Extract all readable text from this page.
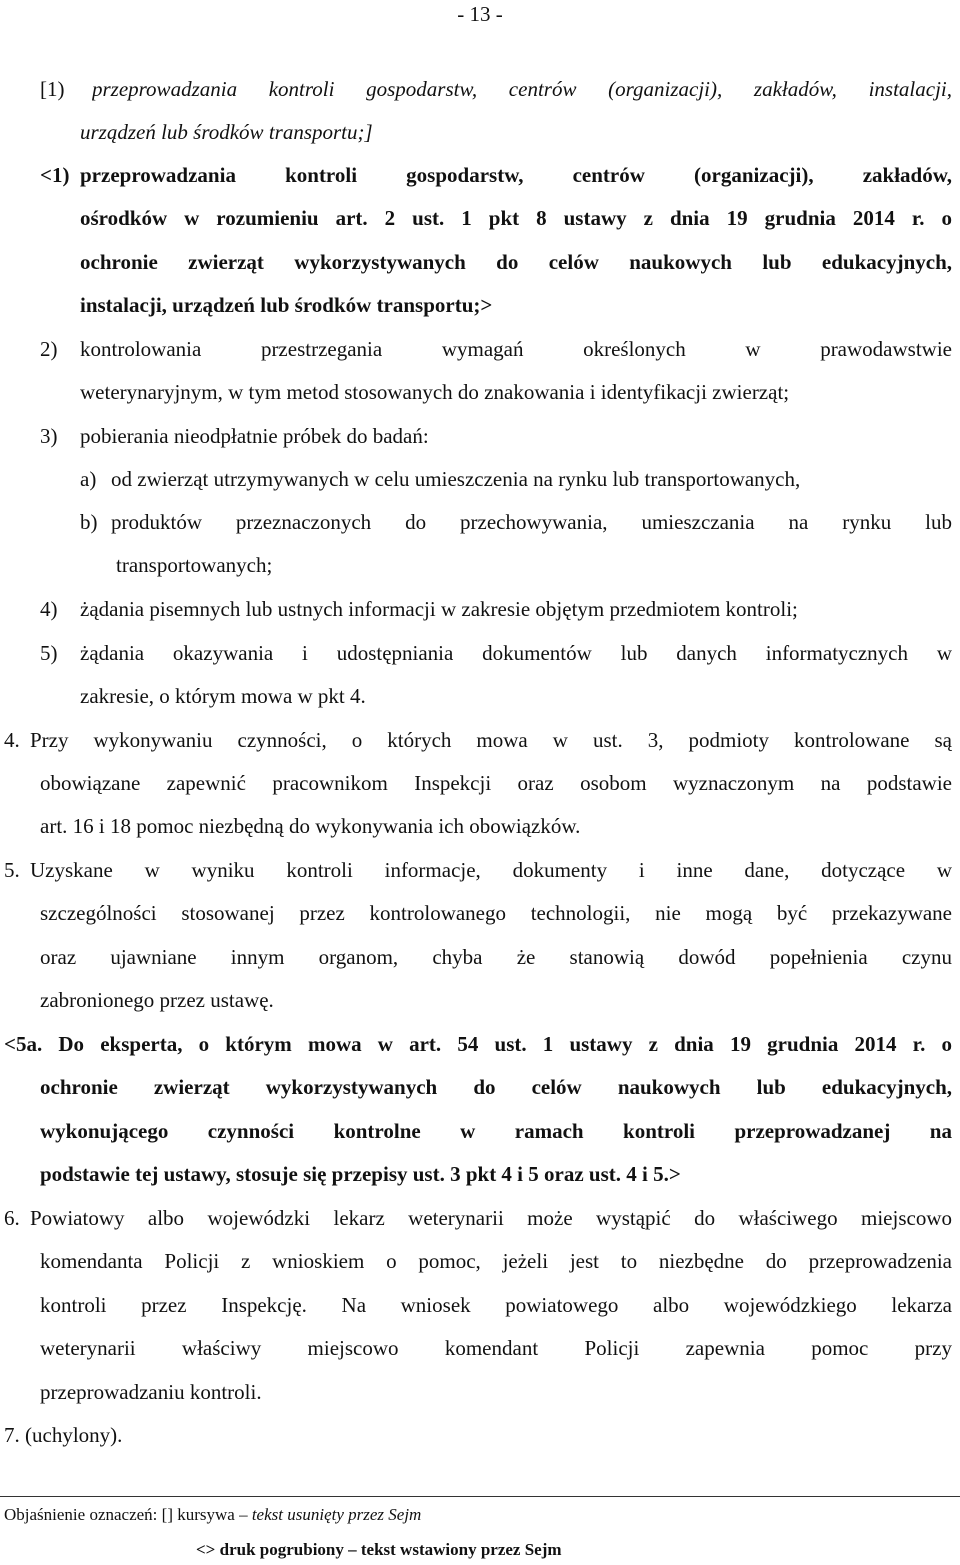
- 13 -
[1) przeprowadzania kontroli gospodarstw, centrów (organizacji), zakładów, instalacji,
urządzeń lub środków transportu;]
<1) przeprowadzania kontroli gospodarstw, centrów (organizacji), zakładów,
ośrodków w rozumieniu art. 2 ust. 1 pkt 8 ustawy z dnia 19 grudnia 2014 r. o
ochronie zwierząt wykorzystywanych do celów naukowych lub edukacyjnych,
instalacji, urządzeń lub środków transportu;>
2) kontrolowania przestrzegania wymagań określonych w prawodawstwie
weterynaryjnym, w tym metod stosowanych do znakowania i identyfikacji zwierząt;
3) pobierania nieodpłatnie próbek do badań:
a) od zwierząt utrzymywanych w celu umieszczenia na rynku lub transportowanych,
b) produktów przeznaczonych do przechowywania, umieszczania na rynku lub
transportowanych;
4) żądania pisemnych lub ustnych informacji w zakresie objętym przedmiotem kontroli;
5) żądania okazywania i udostępniania dokumentów lub danych informatycznych w
zakresie, o którym mowa w pkt 4.
4. Przy wykonywaniu czynności, o których mowa w ust. 3, podmioty kontrolowane są
obowiązane zapewnić pracownikom Inspekcji oraz osobom wyznaczonym na podstawie
art. 16 i 18 pomoc niezbędną do wykonywania ich obowiązków.
5. Uzyskane w wyniku kontroli informacje, dokumenty i inne dane, dotyczące w
szczególności stosowanej przez kontrolowanego technologii, nie mogą być przekazywane
oraz ujawniane innym organom, chyba że stanowią dowód popełnienia czynu
zabronionego przez ustawę.
<5a. Do eksperta, o którym mowa w art. 54 ust. 1 ustawy z dnia 19 grudnia 2014 r. o
ochronie zwierząt wykorzystywanych do celów naukowych lub edukacyjnych,
wykonującego czynności kontrolne w ramach kontroli przeprowadzanej na
podstawie tej ustawy, stosuje się przepisy ust. 3 pkt 4 i 5 oraz ust. 4 i 5.>
6. Powiatowy albo wojewódzki lekarz weterynarii może wystąpić do właściwego miejscowo
komendanta Policji z wnioskiem o pomoc, jeżeli jest to niezbędne do przeprowadzenia
kontroli przez Inspekcję. Na wniosek powiatowego albo wojewódzkiego lekarza
weterynarii właściwy miejscowo komendant Policji zapewnia pomoc przy
przeprowadzaniu kontroli.
7. (uchylony).
Objaśnienie oznaczeń: [] kursywa – tekst usunięty przez Sejm
<> druk pogrubiony – tekst wstawiony przez Sejm
